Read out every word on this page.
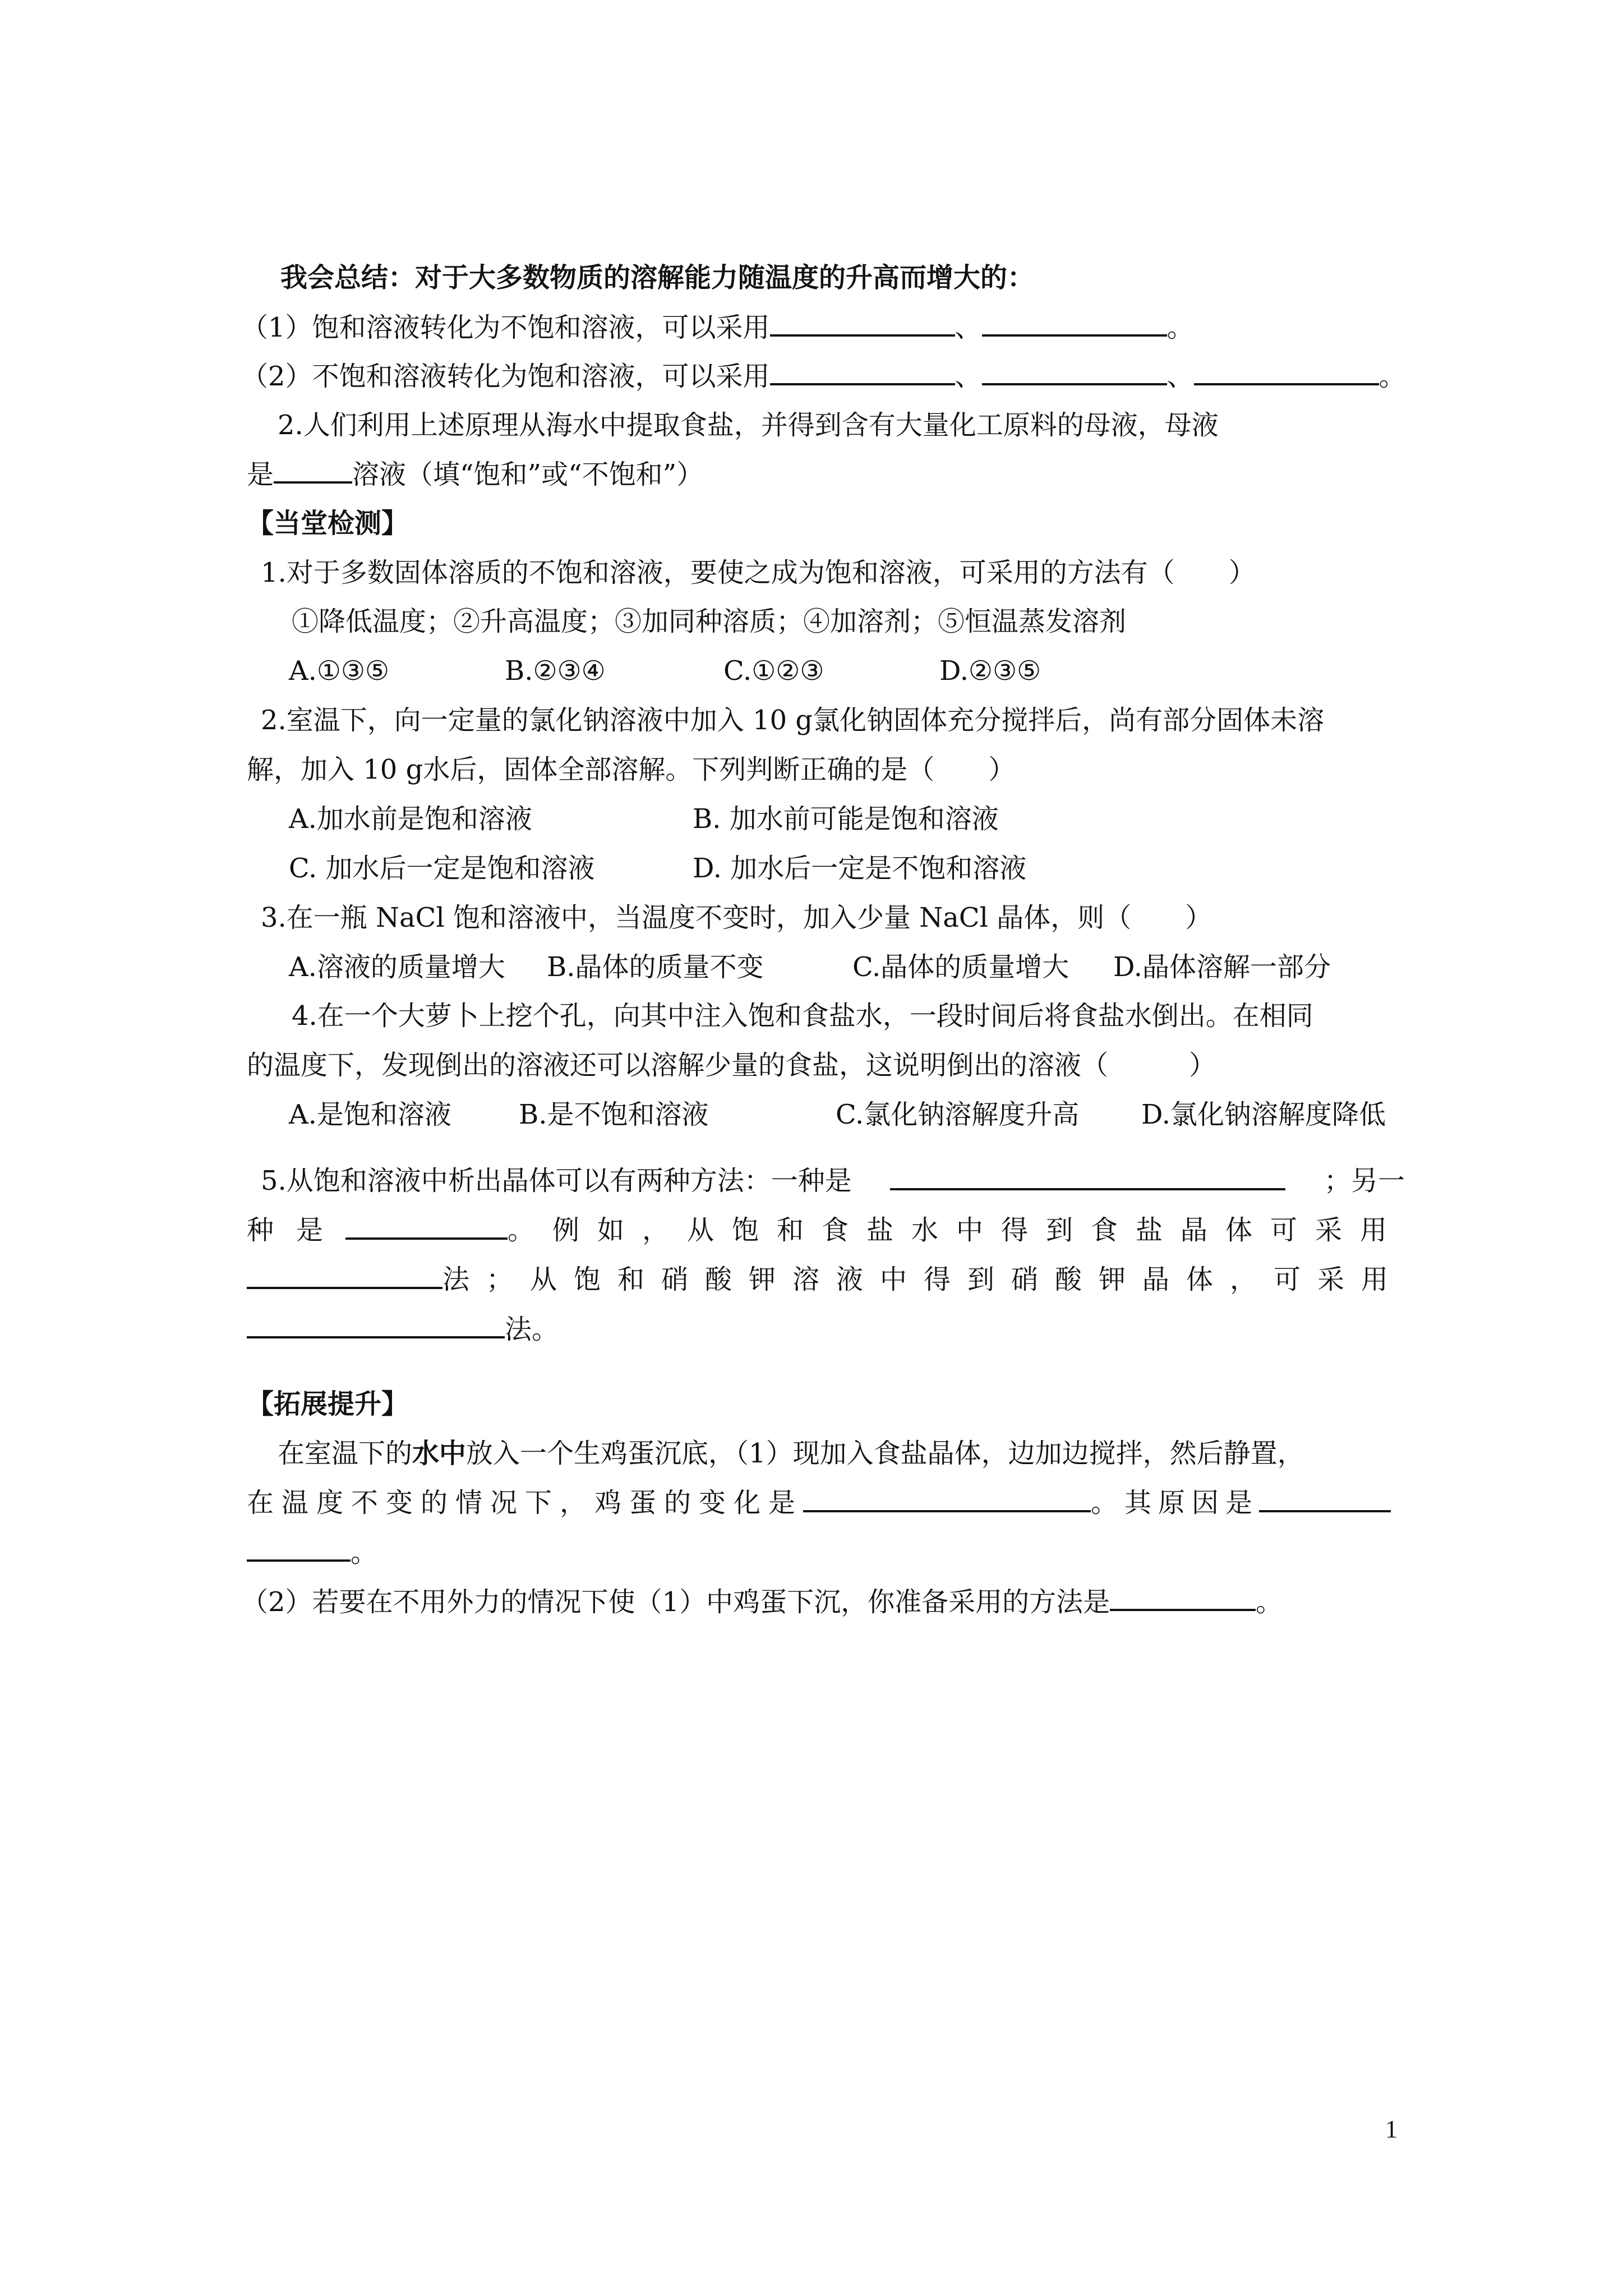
我会总结：对于大多数物质的溶解能力随温度的升高而增大的：
（1）饱和溶液转化为不饱和溶液，可以采用	、	。
（2）不饱和溶液转化为饱和溶液，可以采用	、	、	。
2.人们利用上述原理从海水中提取食盐，并得到含有大量化工原料的母液，母液
是	溶液（填“饱和”或“不饱和”）
【当堂检测】
1.对于多数固体溶质的不饱和溶液，要使之成为饱和溶液，可采用的方法有（　　）
①降低温度；②升高温度；③加同种溶质；④加溶剂；⑤恒温蒸发溶剂
A.①③⑤	B.②③④	C.①②③	D.②③⑤
2.室温下，向一定量的氯化钠溶液中加入 10 g氯化钠固体充分搅拌后，尚有部分固体未溶
解，加入 10 g水后，固体全部溶解。下列判断正确的是（　　）
A.加水前是饱和溶液	B. 加水前可能是饱和溶液
C. 加水后一定是饱和溶液	D. 加水后一定是不饱和溶液
3.在一瓶 NaCl 饱和溶液中，当温度不变时，加入少量 NaCl 晶体，则（　　）
A.溶液的质量增大 B.晶体的质量不变	C.晶体的质量增大 D.晶体溶解一部分
4.在一个大萝卜上挖个孔，向其中注入饱和食盐水，一段时间后将食盐水倒出。在相同
的温度下，发现倒出的溶液还可以溶解少量的食盐，这说明倒出的溶液（　　　）
A.是饱和溶液	B.是不饱和溶液	C.氯化钠溶解度升高 D.氯化钠溶解度降低
5.从饱和溶液中析出晶体可以有两种方法：一种是	；另一
种是	。例如，从饱和食盐水中得到食盐晶体可采用
法；从饱和硝酸钾溶液中得到硝酸钾晶体，可采用
法。
【拓展提升】
在室温下的水中放入一个生鸡蛋沉底，（1）现加入食盐晶体，边加边搅拌，然后静置，
在温度不变的情况下，鸡蛋的变化是	。其原因是
。
（2）若要在不用外力的情况下使（1）中鸡蛋下沉，你准备采用的方法是	。
1
